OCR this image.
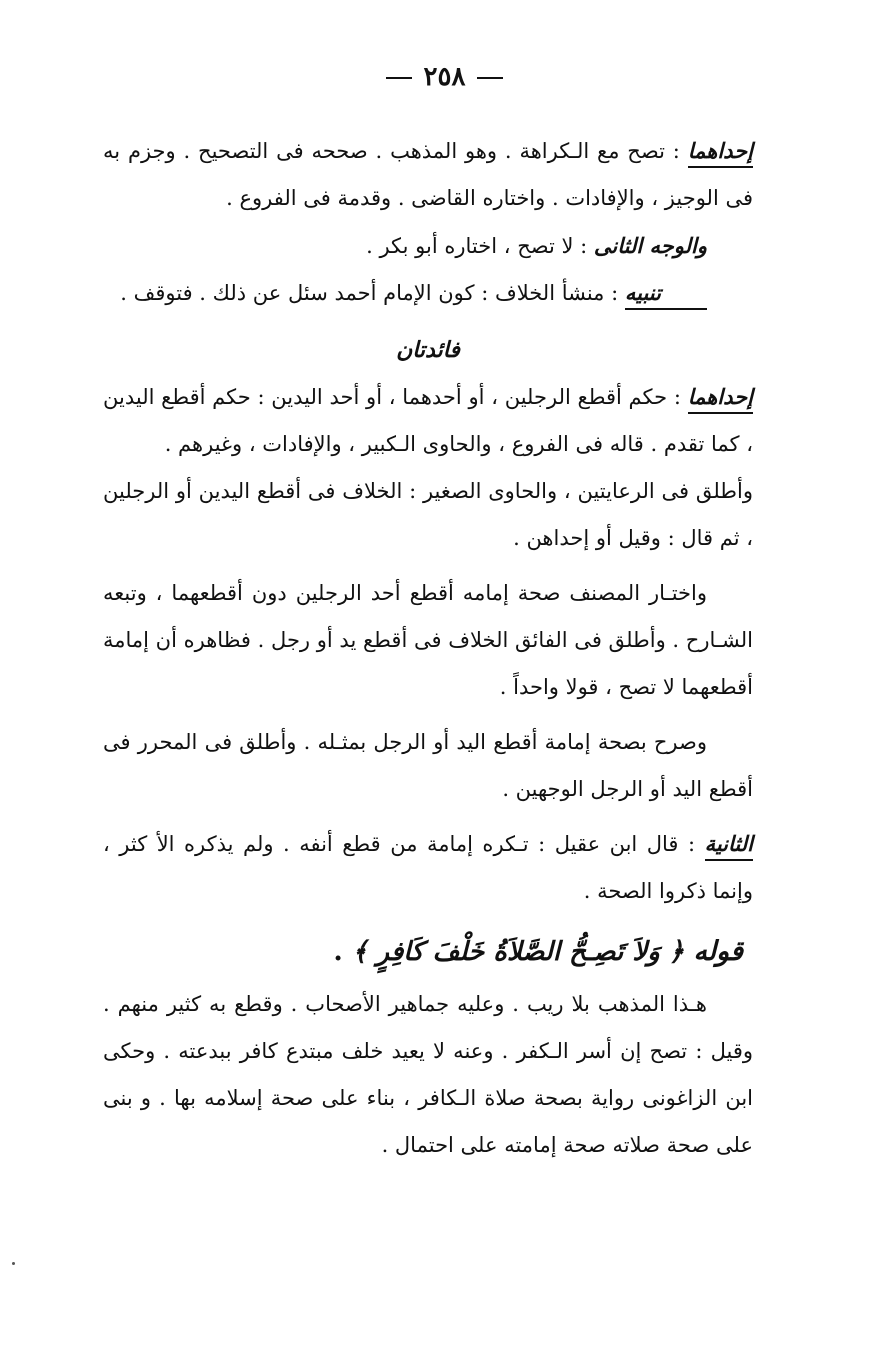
٢٥٨

إحداهما : تصح مع الـكراهة . وهو المذهب . صححه فى التصحيح . وجزم به فى الوجيز ، والإفادات . واختاره القاضى . وقدمة فى الفروع .

والوجه الثانى : لا تصح ، اختاره أبو بكر .

تنبيه : منشأ الخلاف : كون الإمام أحمد سئل عن ذلك . فتوقف .

فائدتان

إحداهما : حكم أقطع الرجلين ، أو أحدهما ، أو أحد اليدين : حكم أقطع اليدين ، كما تقدم . قاله فى الفروع ، والحاوى الـكبير ، والإفادات ، وغيرهم .

وأطلق فى الرعايتين ، والحاوى الصغير : الخلاف فى أقطع اليدين أو الرجلين ، ثم قال : وقيل أو إحداهن .

واختـار المصنف صحة إمامه أقطع أحد الرجلين دون أقطعهما ، وتبعه الشـارح . وأطلق فى الفائق الخلاف فى أقطع يد أو رجل . فظاهره أن إمامة أقطعهما لا تصح ، قولا واحداً .

وصرح بصحة إمامة أقطع اليد أو الرجل بمثـله . وأطلق فى المحرر فى أقطع اليد أو الرجل الوجهين .

الثانية : قال ابن عقيل : تـكره إمامة من قطع أنفه . ولم يذكره الأ كثر ، وإنما ذكروا الصحة .

قوله ﴿ وَلاَ تَصِـحُّ الصَّلاَةُ خَلْفَ كَافِرٍ ﴾ .

هـذا المذهب بلا ريب . وعليه جماهير الأصحاب . وقطع به كثير منهم . وقيل : تصح إن أسر الـكفر . وعنه لا يعيد خلف مبتدع كافر ببدعته . وحكى ابن الزاغونى رواية بصحة صلاة الـكافر ، بناء على صحة إسلامه بها . و بنى على صحة صلاته صحة إمامته على احتمال .
